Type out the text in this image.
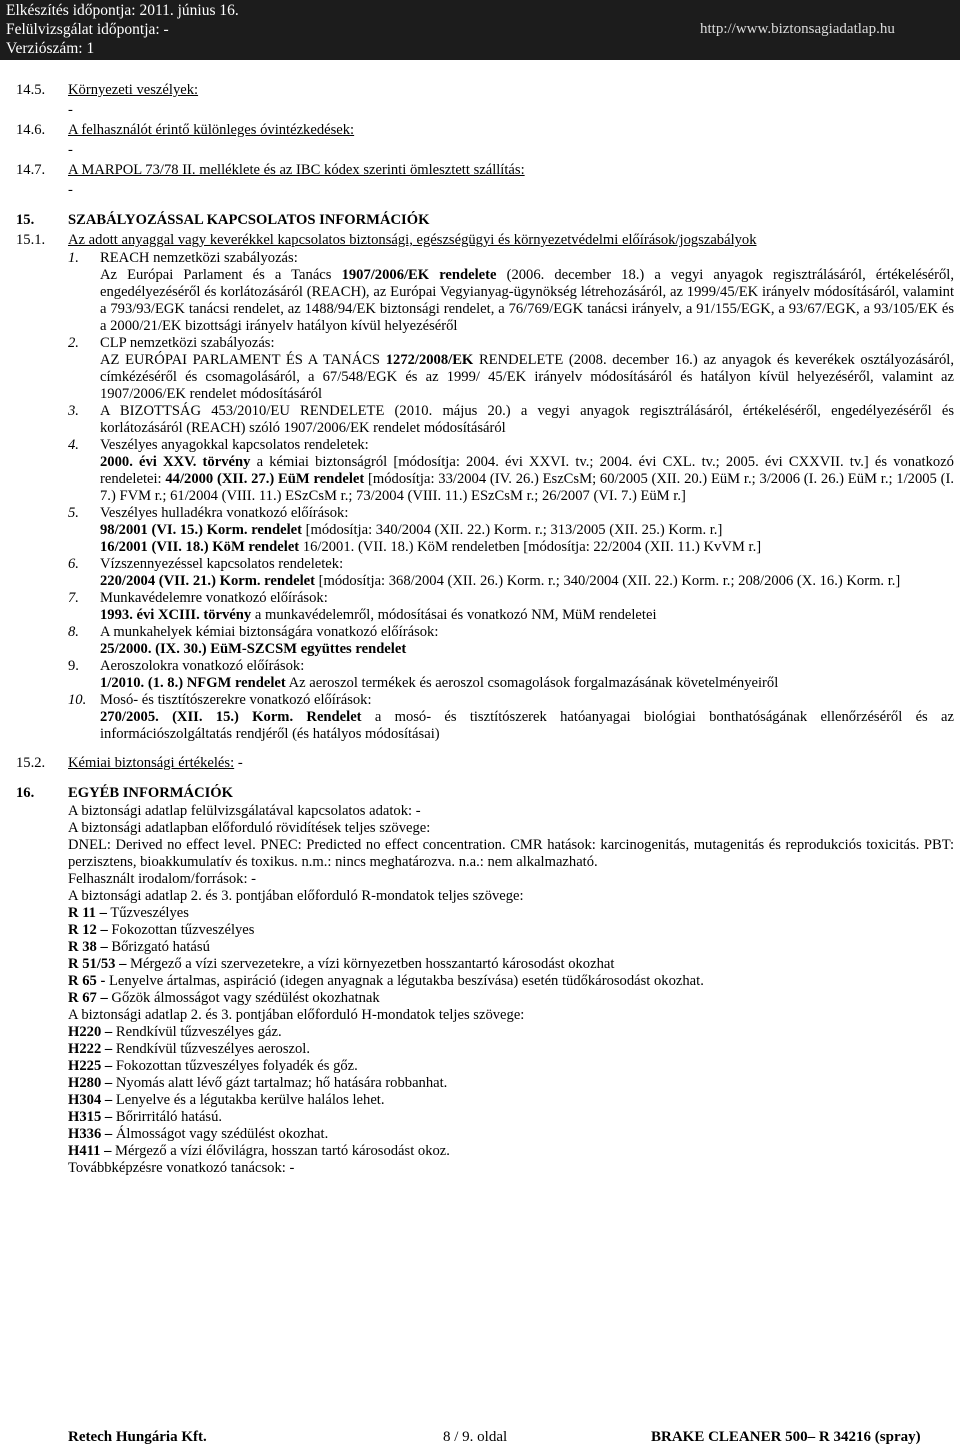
Elkészítés időpontja: 2011. június 16.
Felülvizsgálat időpontja: -
Verziószám: 1
http://www.biztonsagiadatlap.hu
14.5. Környezeti veszélyek:
-
14.6. A felhasználót érintő különleges óvintézkedések:
-
14.7. A MARPOL 73/78 II. melléklete és az IBC kódex szerinti ömlesztett szállítás:
-
15. SZABÁLYOZÁSSAL KAPCSOLATOS INFORMÁCIÓK
15.1. Az adott anyaggal vagy keverékkel kapcsolatos biztonsági, egészségügyi és környezetvédelmi előírások/jogszabályok
1.	REACH nemzetközi szabályozás:
Az Európai Parlament és a Tanács 1907/2006/EK rendelete (2006. december 18.) a vegyi anyagok regisztrálásáról, értékeléséről, engedélyezéséről és korlátozásáról (REACH), az Európai Vegyianyag-ügynökség létrehozásáról, az 1999/45/EK irányelv módosításáról, valamint a 793/93/EGK tanácsi rendelet, az 1488/94/EK biztonsági rendelet, a 76/769/EGK tanácsi irányelv, a 91/155/EGK, a 93/67/EGK, a 93/105/EK és a 2000/21/EK bizottsági irányelv hatályon kívül helyezéséről
2.	CLP nemzetközi szabályozás:
AZ EURÓPAI PARLAMENT ÉS A TANÁCS 1272/2008/EK RENDELETE (2008. december 16.) az anyagok és keverékek osztályozásáról, címkézéséről és csomagolásáról, a 67/548/EGK és az 1999/ 45/EK irányelv módosításáról és hatályon kívül helyezéséről, valamint az 1907/2006/EK rendelet módosításáról
3.	A BIZOTTSÁG 453/2010/EU RENDELETE (2010. május 20.) a vegyi anyagok regisztrálásáról, értékeléséről, engedélyezéséről és korlátozásáról (REACH) szóló 1907/2006/EK rendelet módosításáról
4.	Veszélyes anyagokkal kapcsolatos rendeletek:
2000. évi XXV. törvény a kémiai biztonságról [módosítja: 2004. évi XXVI. tv.; 2004. évi CXL. tv.; 2005. évi CXXVII. tv.] és vonatkozó rendeletei: 44/2000 (XII. 27.) EüM rendelet [módosítja: 33/2004 (IV. 26.) EszCsM; 60/2005 (XII. 20.) EüM r.; 3/2006 (I. 26.) EüM r.; 1/2005 (I. 7.) FVM r.; 61/2004 (VIII. 11.) ESzCsM r.; 73/2004 (VIII. 11.) ESzCsM r.; 26/2007 (VI. 7.) EüM r.]
5.	Veszélyes hulladékra vonatkozó előírások:
98/2001 (VI. 15.) Korm. rendelet [módosítja: 340/2004 (XII. 22.) Korm. r.; 313/2005 (XII. 25.) Korm. r.]
16/2001 (VII. 18.) KöM rendelet 16/2001. (VII. 18.) KöM rendeletben [módosítja: 22/2004 (XII. 11.) KvVM r.]
6.	Vízszennyezéssel kapcsolatos rendeletek:
220/2004 (VII. 21.) Korm. rendelet [módosítja: 368/2004 (XII. 26.) Korm. r.; 340/2004 (XII. 22.) Korm. r.; 208/2006 (X. 16.) Korm. r.]
7.	Munkavédelemre vonatkozó előírások:
1993. évi XCIII. törvény a munkavédelemről, módosításai és vonatkozó NM, MüM rendeletei
8.	A munkahelyek kémiai biztonságára vonatkozó előírások:
25/2000. (IX. 30.) EüM-SZCSM együttes rendelet
9.	Aeroszolokra vonatkozó előírások:
1/2010. (1. 8.) NFGM rendelet Az aeroszol termékek és aeroszol csomagolások forgalmazásának követelményeiről
10. Mosó- és tisztítószerekre vonatkozó előírások:
270/2005. (XII. 15.) Korm. Rendelet a mosó- és tisztítószerek hatóanyagai biológiai bonthatóságának ellenőrzéséről és az információszolgáltatás rendjéről (és hatályos módosításai)
15.2. Kémiai biztonsági értékelés: -
16. EGYÉB INFORMÁCIÓK
A biztonsági adatlap felülvizsgálatával kapcsolatos adatok: -
A biztonsági adatlapban előforduló rövidítések teljes szövege:
DNEL: Derived no effect level. PNEC: Predicted no effect concentration. CMR hatások: karcinogenitás, mutagenitás és reprodukciós toxicitás. PBT: perzisztens, bioakkumulatív és toxikus. n.m.: nincs meghatározva. n.a.: nem alkalmazható.
Felhasznált irodalom/források: -
A biztonsági adatlap 2. és 3. pontjában előforduló R-mondatok teljes szövege:
R 11 – Tűzveszélyes
R 12 – Fokozottan tűzveszélyes
R 38 – Bőrizgató hatású
R 51/53 – Mérgező a vízi szervezetekre, a vízi környezetben hosszantartó károsodást okozhat
R 65 - Lenyelve ártalmas, aspiráció (idegen anyagnak a légutakba beszívása) esetén tüdőkárosodást okozhat.
R 67 – Gőzök álmosságot vagy szédülést okozhatnak
A biztonsági adatlap 2. és 3. pontjában előforduló H-mondatok teljes szövege:
H220 – Rendkívül tűzveszélyes gáz.
H222 – Rendkívül tűzveszélyes aeroszol.
H225 – Fokozottan tűzveszélyes folyadék és gőz.
H280 – Nyomás alatt lévő gázt tartalmaz; hő hatására robbanhat.
H304 – Lenyelve és a légutakba kerülve halálos lehet.
H315 – Bőrirritáló hatású.
H336 – Álmosságot vagy szédülést okozhat.
H411 – Mérgező a vízi élővilágra, hosszan tartó károsodást okoz.
Továbbképzésre vonatkozó tanácsok: -
Retech Hungária Kft.	8 / 9. oldal	BRAKE CLEANER 500– R 34216 (spray)
